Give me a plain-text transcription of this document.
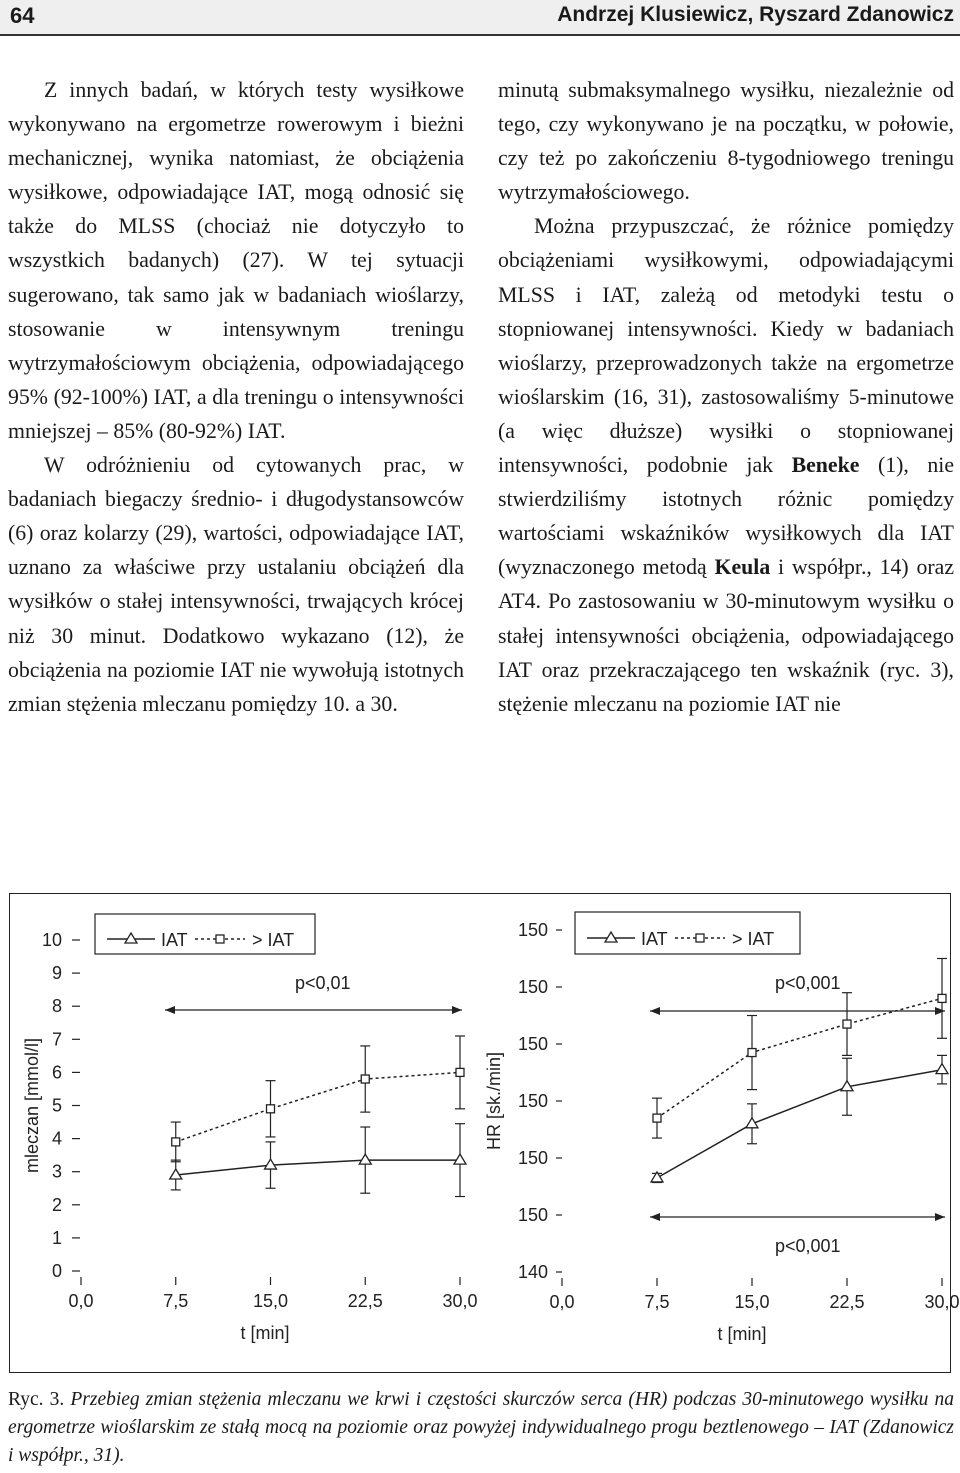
64	Andrzej Klusiewicz, Ryszard Zdanowicz

Z innych badań, w których testy wysiłkowe wykonywano na ergometrze rowerowym i bieżni mechanicznej, wynika natomiast, że obciążenia wysiłkowe, odpowiadające IAT, mogą odnosić się także do MLSS (chociaż nie dotyczyło to wszystkich badanych) (27). W tej sytuacji sugerowano, tak samo jak w badaniach wioślarzy, stosowanie w intensywnym treningu wytrzymałościowym obciążenia, odpowiadającego 95% (92-100%) IAT, a dla treningu o intensywności mniejszej – 85% (80-92%) IAT.

W odróżnieniu od cytowanych prac, w badaniach biegaczy średnio- i długodystansowców (6) oraz kolarzy (29), wartości, odpowiadające IAT, uznano za właściwe przy ustalaniu obciążeń dla wysiłków o stałej intensywności, trwających krócej niż 30 minut. Dodatkowo wykazano (12), że obciążenia na poziomie IAT nie wywołują istotnych zmian stężenia mleczanu pomiędzy 10. a 30.

minutą submaksymalnego wysiłku, niezależnie od tego, czy wykonywano je na początku, w połowie, czy też po zakończeniu 8-tygodniowego treningu wytrzymałościowego.

Można przypuszczać, że różnice pomiędzy obciążeniami wysiłkowymi, odpowiadającymi MLSS i IAT, zależą od metodyki testu o stopniowanej intensywności. Kiedy w badaniach wioślarzy, przeprowadzonych także na ergometrze wioślarskim (16, 31), zastosowaliśmy 5-minutowe (a więc dłuższe) wysiłki o stopniowanej intensywności, podobnie jak Beneke (1), nie stwierdziliśmy istotnych różnic pomiędzy wartościami wskaźników wysiłkowych dla IAT (wyznaczonego metodą Keula i współpr., 14) oraz AT4. Po zastosowaniu w 30-minutowym wysiłku o stałej intensywności obciążenia, odpowiadającego IAT oraz przekraczającego ten wskaźnik (ryc. 3), stężenie mleczanu na poziomie IAT nie

0
1
2
3
4
5
6
7
8
9
10
0,0	7,5	15,0	22,5	30,0
t [min]
mleczan [mmol/l]
IAT	> IAT
p<0,01
140
150
150
150
150
150
150
0,0	7,5	15,0	22,5	30,0
t [min]
HR [sk./min]
IAT	> IAT
p<0,001
p<0,001
Ryc. 3. Przebieg zmian stężenia mleczanu we krwi i częstości skurczów serca (HR) podczas 30-minutowego wysiłku na ergometrze wioślarskim ze stałą mocą na poziomie oraz powyżej indywidualnego progu beztlenowego – IAT (Zdanowicz i współpr., 31).
